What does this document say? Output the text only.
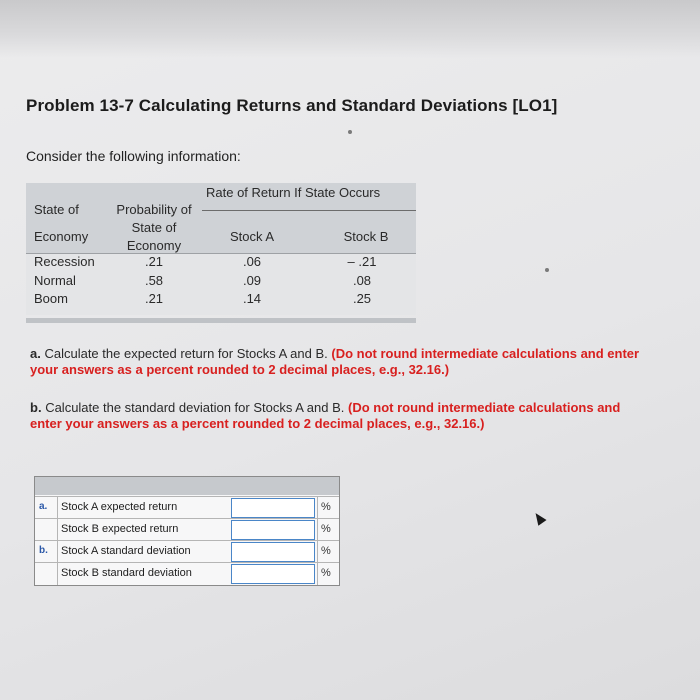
Problem 13-7 Calculating Returns and Standard Deviations [LO1]
Consider the following information:
Rate of Return If State Occurs
State of
Economy
Probability of
State of
Economy
Stock A	Stock B
Recession	.21	.06	– .21
Normal	.58	.09	.08
Boom	.21	.14	.25
a. Calculate the expected return for Stocks A and B. (Do not round intermediate calculations and enter your answers as a percent rounded to 2 decimal places, e.g., 32.16.)
b. Calculate the standard deviation for Stocks A and B. (Do not round intermediate calculations and enter your answers as a percent rounded to 2 decimal places, e.g., 32.16.)
a. Stock A expected return	%
Stock B expected return	%
b. Stock A standard deviation	%
Stock B standard deviation	%
